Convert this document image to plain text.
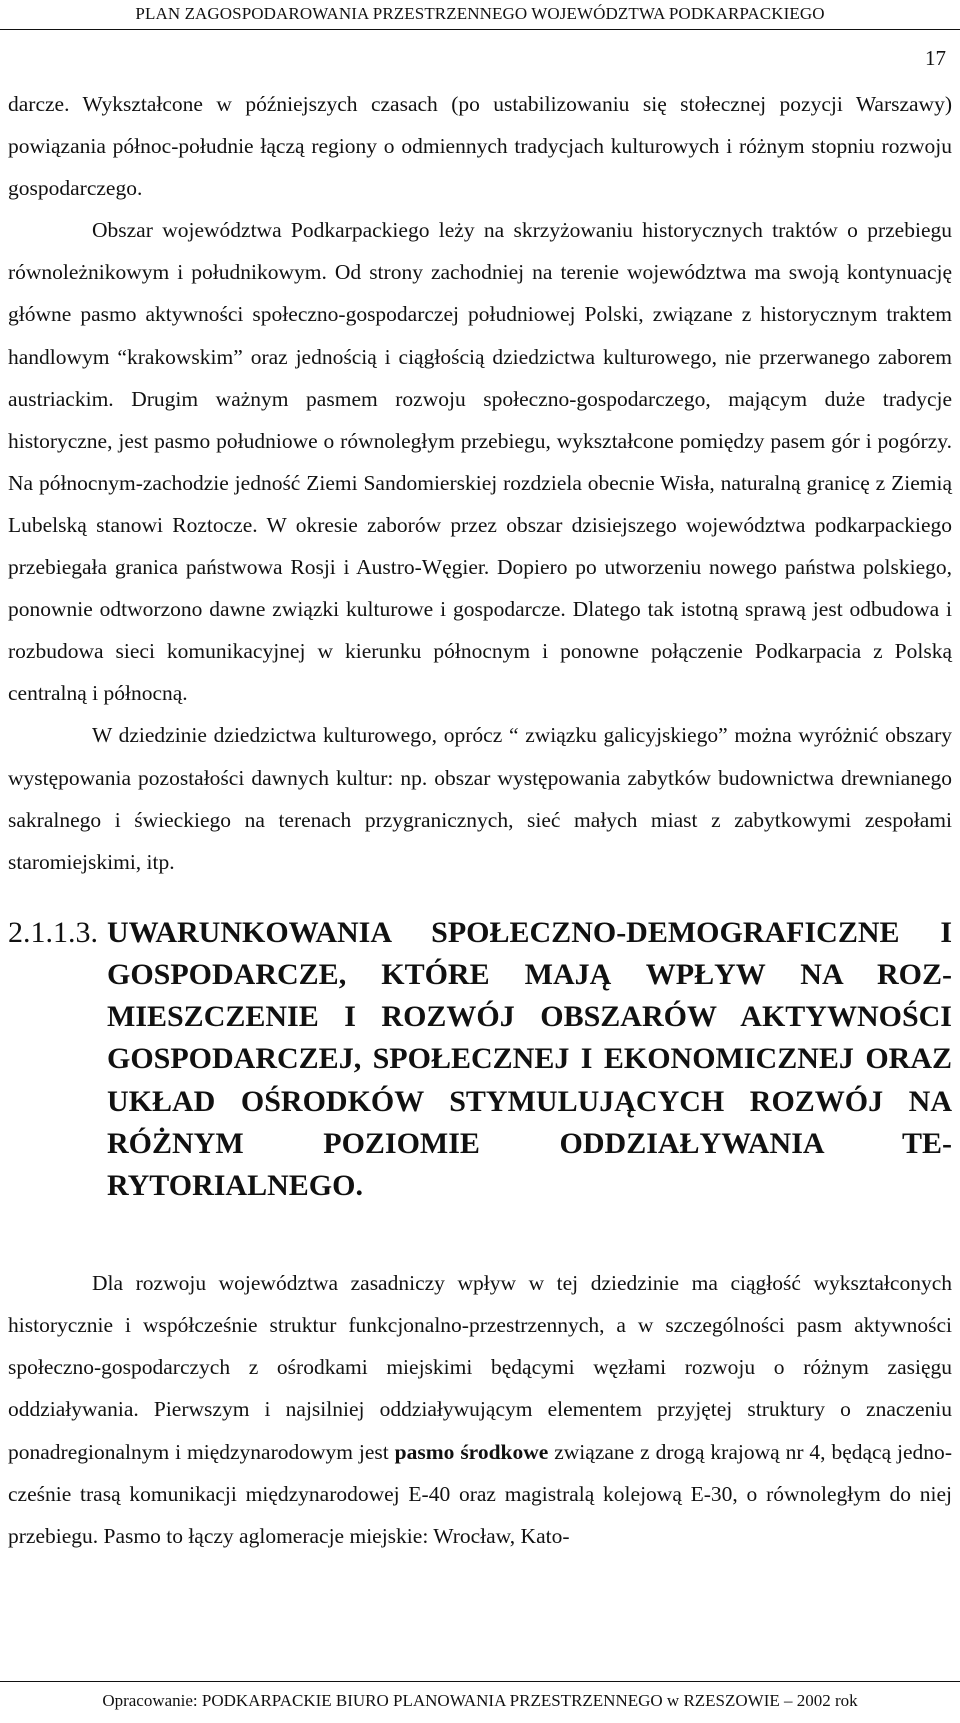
PLAN ZAGOSPODAROWANIA PRZESTRZENNEGO WOJEWÓDZTWA PODKARPACKIEGO
17

darcze. Wykształcone w późniejszych czasach (po ustabilizowaniu się stołecznej pozycji Warszawy) powiązania północ-południe łączą regiony o odmiennych tradycjach kulturowych i różnym stopniu rozwoju gospodarczego.

Obszar województwa Podkarpackiego leży na skrzyżowaniu historycznych traktów o przebiegu równoleżnikowym i południkowym. Od strony zachodniej na terenie województwa ma swoją kontynuację główne pasmo aktywności społeczno-gospodarczej południowej Polski, związane z historycznym traktem handlowym “krakowskim” oraz jednością i ciągłością dziedzictwa kulturowego, nie przerwanego zaborem austriackim. Drugim ważnym pasmem rozwoju społeczno-gospodarczego, mającym duże tradycje historyczne, jest pasmo południowe o równoległym przebiegu, wykształcone pomiędzy pasem gór i pogórzy. Na północnym-zachodzie jedność Ziemi Sandomierskiej rozdziela obecnie Wisła, naturalną granicę z Ziemią Lubelską stanowi Roztocze. W okresie zaborów przez obszar dzisiejszego województwa podkarpackiego przebiegała granica państwowa Rosji i Austro-Węgier. Dopiero po utworzeniu nowego państwa polskiego, ponownie odtworzono dawne związki kulturowe i gospodarcze. Dlatego tak istotną sprawą jest odbudowa i rozbudowa sieci komunikacyjnej w kierunku północnym i ponowne połączenie Podkarpacia z Polską centralną i północną.

W dziedzinie dziedzictwa kulturowego, oprócz “ związku galicyjskiego” można wyróżnić obszary występowania pozostałości dawnych kultur: np. obszar występowania zabytków budownictwa drewnianego sakralnego i świeckiego na terenach przygranicznych, sieć małych miast z zabytkowymi zespołami staromiejskimi, itp.

2.1.1.3. UWARUNKOWANIA SPOŁECZNO-DEMOGRAFICZNE I GOSPODARCZE, KTÓRE MAJĄ WPŁYW NA ROZMIESZCZENIE I ROZWÓJ OBSZARÓW AKTYWNOŚCI GOSPODARCZEJ, SPOŁECZNEJ I EKONOMICZNEJ ORAZ UKŁAD OŚRODKÓW STYMULUJĄCYCH ROZWÓJ NA RÓŻNYM POZIOMIE ODDZIAŁYWANIA TERYTORIALNEGO.

Dla rozwoju województwa zasadniczy wpływ w tej dziedzinie ma ciągłość wykształconych historycznie i współcześnie struktur funkcjonalno-przestrzennych, a w szczególności pasm aktywności społeczno-gospodarczych z ośrodkami miejskimi będącymi węzłami rozwoju o różnym zasięgu oddziaływania. Pierwszym i najsilniej oddziaływującym elementem przyjętej struktury o znaczeniu ponadregionalnym i międzynarodowym jest pasmo środkowe związane z drogą krajową nr 4, będącą jednocześnie trasą komunikacji międzynarodowej E-40 oraz magistralą kolejową E-30, o równoległym do niej przebiegu. Pasmo to łączy aglomeracje miejskie: Wrocław, Kato-

Opracowanie: PODKARPACKIE BIURO PLANOWANIA PRZESTRZENNEGO w RZESZOWIE – 2002 rok
